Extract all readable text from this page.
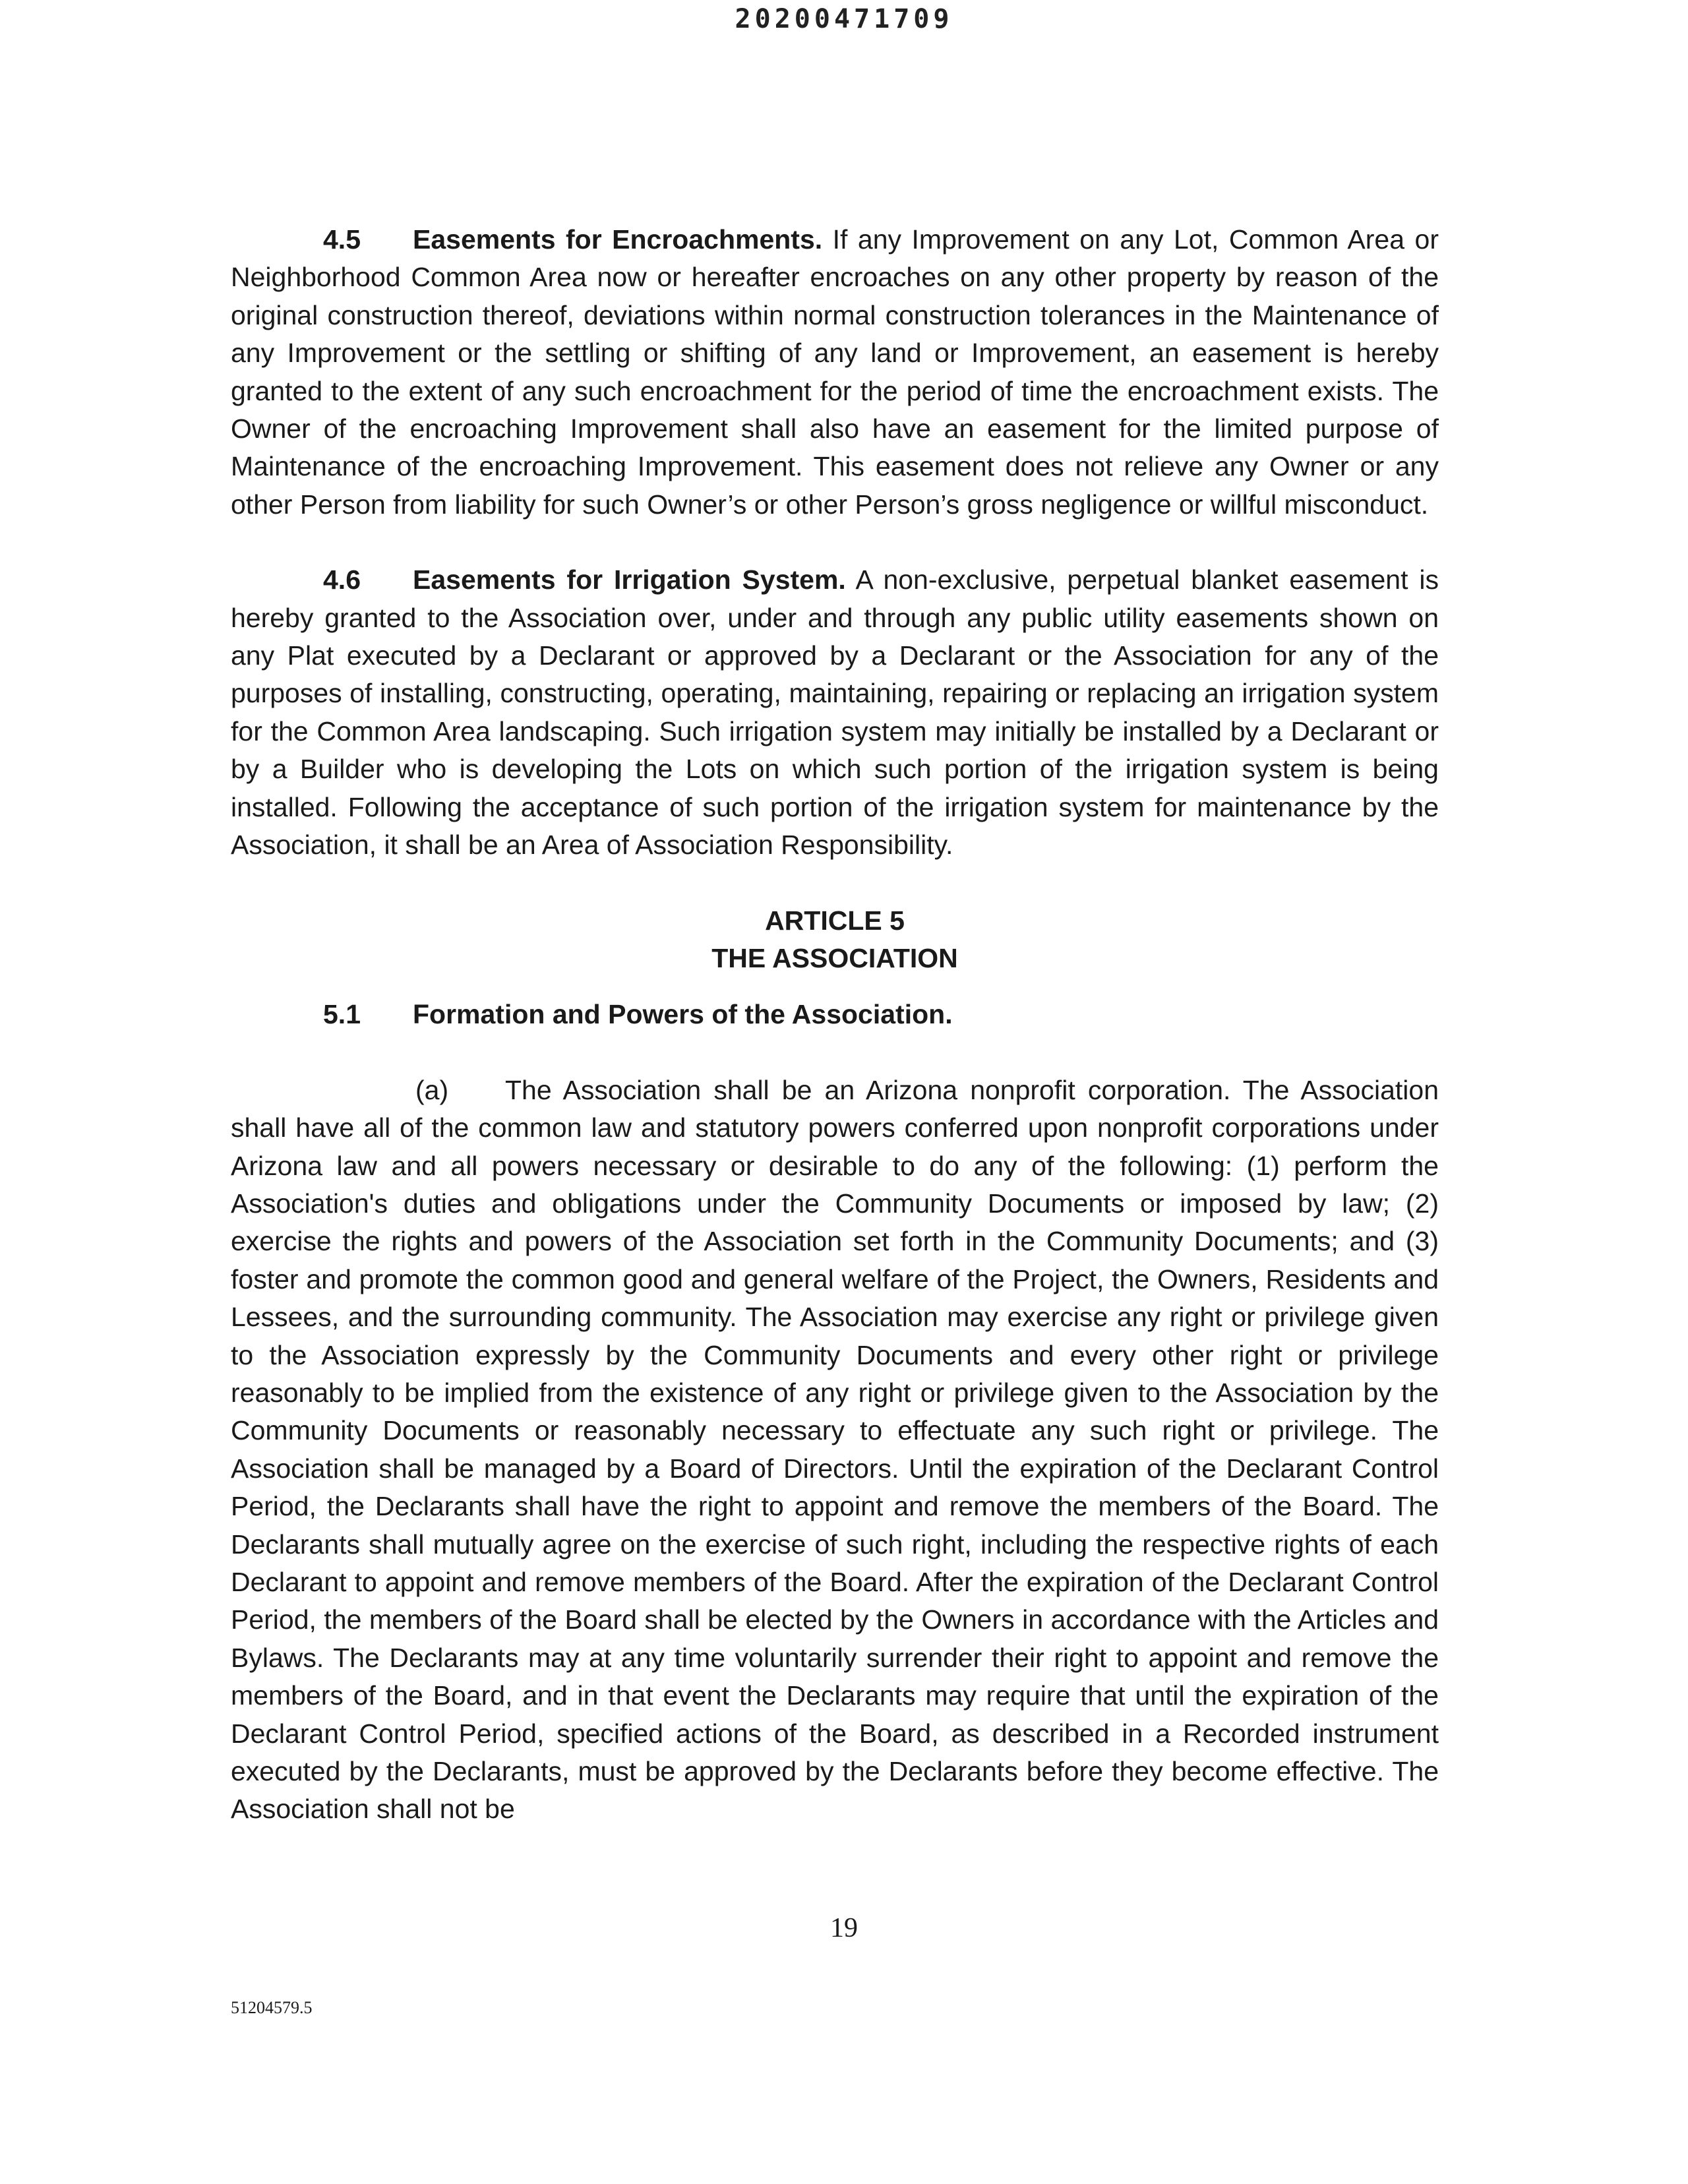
20200471709

4.5 Easements for Encroachments. If any Improvement on any Lot, Common Area or Neighborhood Common Area now or hereafter encroaches on any other property by reason of the original construction thereof, deviations within normal construction tolerances in the Maintenance of any Improvement or the settling or shifting of any land or Improvement, an easement is hereby granted to the extent of any such encroachment for the period of time the encroachment exists. The Owner of the encroaching Improvement shall also have an easement for the limited purpose of Maintenance of the encroaching Improvement. This easement does not relieve any Owner or any other Person from liability for such Owner’s or other Person’s gross negligence or willful misconduct.

4.6 Easements for Irrigation System. A non-exclusive, perpetual blanket easement is hereby granted to the Association over, under and through any public utility easements shown on any Plat executed by a Declarant or approved by a Declarant or the Association for any of the purposes of installing, constructing, operating, maintaining, repairing or replacing an irrigation system for the Common Area landscaping. Such irrigation system may initially be installed by a Declarant or by a Builder who is developing the Lots on which such portion of the irrigation system is being installed. Following the acceptance of such portion of the irrigation system for maintenance by the Association, it shall be an Area of Association Responsibility.

ARTICLE 5
THE ASSOCIATION
5.1 Formation and Powers of the Association.

(a) The Association shall be an Arizona nonprofit corporation. The Association shall have all of the common law and statutory powers conferred upon nonprofit corporations under Arizona law and all powers necessary or desirable to do any of the following: (1) perform the Association's duties and obligations under the Community Documents or imposed by law; (2) exercise the rights and powers of the Association set forth in the Community Documents; and (3) foster and promote the common good and general welfare of the Project, the Owners, Residents and Lessees, and the surrounding community. The Association may exercise any right or privilege given to the Association expressly by the Community Documents and every other right or privilege reasonably to be implied from the existence of any right or privilege given to the Association by the Community Documents or reasonably necessary to effectuate any such right or privilege. The Association shall be managed by a Board of Directors. Until the expiration of the Declarant Control Period, the Declarants shall have the right to appoint and remove the members of the Board. The Declarants shall mutually agree on the exercise of such right, including the respective rights of each Declarant to appoint and remove members of the Board. After the expiration of the Declarant Control Period, the members of the Board shall be elected by the Owners in accordance with the Articles and Bylaws. The Declarants may at any time voluntarily surrender their right to appoint and remove the members of the Board, and in that event the Declarants may require that until the expiration of the Declarant Control Period, specified actions of the Board, as described in a Recorded instrument executed by the Declarants, must be approved by the Declarants before they become effective. The Association shall not be

19
51204579.5
